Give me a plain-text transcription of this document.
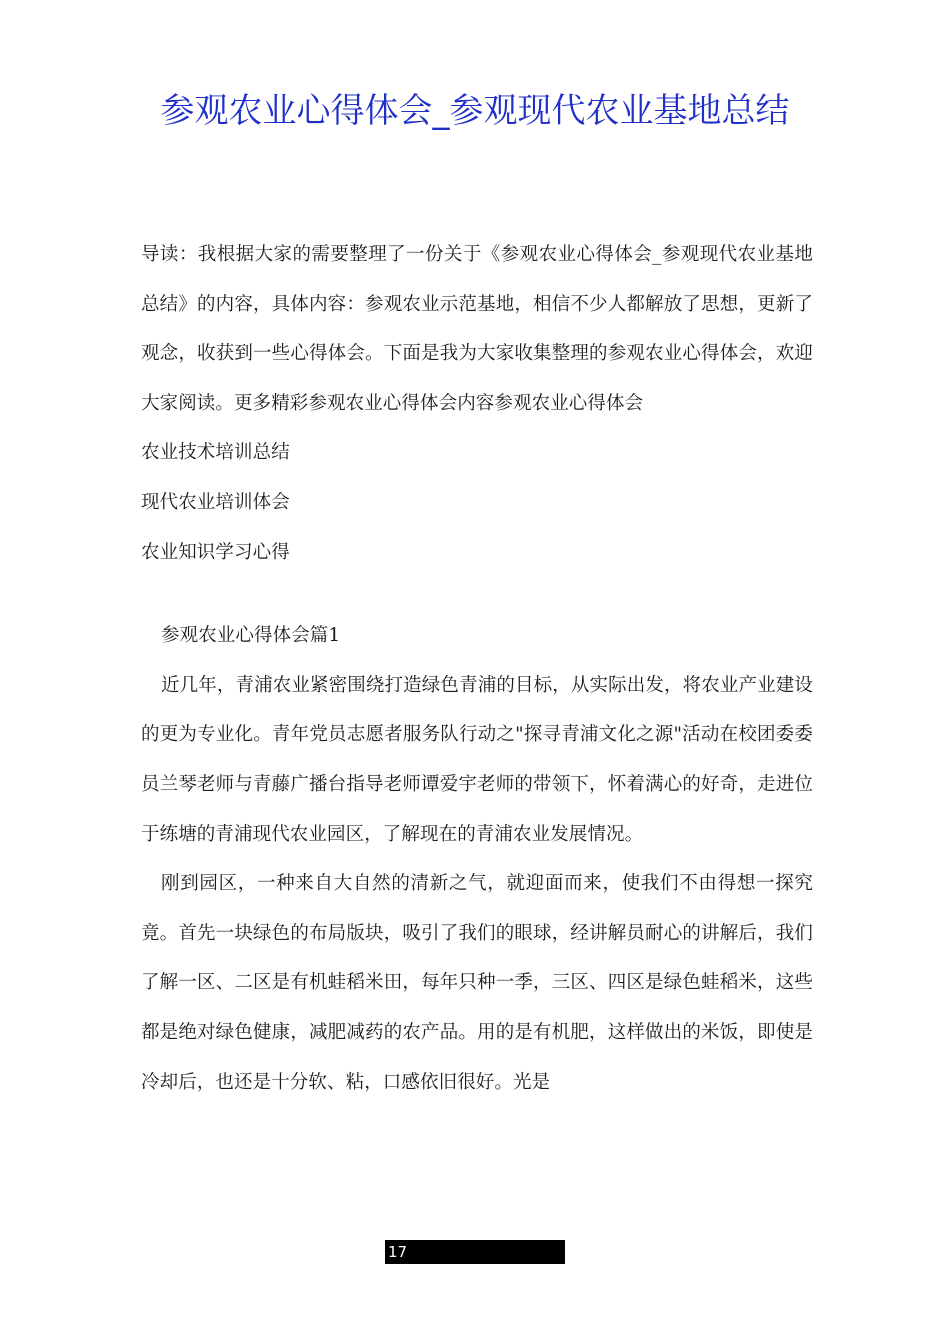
参观农业心得体会_参观现代农业基地总结

导读：我根据大家的需要整理了一份关于《参观农业心得体会_参观现代农业基地总结》的内容，具体内容：参观农业示范基地，相信不少人都解放了思想，更新了观念，收获到一些心得体会。下面是我为大家收集整理的参观农业心得体会，欢迎大家阅读。更多精彩参观农业心得体会内容参观农业心得体会

农业技术培训总结

现代农业培训体会

农业知识学习心得

参观农业心得体会篇1

近几年，青浦农业紧密围绕打造绿色青浦的目标，从实际出发，将农业产业建设的更为专业化。青年党员志愿者服务队行动之"探寻青浦文化之源"活动在校团委委员兰琴老师与青藤广播台指导老师谭爱宇老师的带领下，怀着满心的好奇，走进位于练塘的青浦现代农业园区，了解现在的青浦农业发展情况。

刚到园区，一种来自大自然的清新之气，就迎面而来，使我们不由得想一探究竟。首先一块绿色的布局版块，吸引了我们的眼球，经讲解员耐心的讲解后，我们了解一区、二区是有机蛙稻米田，每年只种一季，三区、四区是绿色蛙稻米，这些都是绝对绿色健康，减肥减药的农产品。用的是有机肥，这样做出的米饭，即使是冷却后，也还是十分软、粘，口感依旧很好。光是

17
